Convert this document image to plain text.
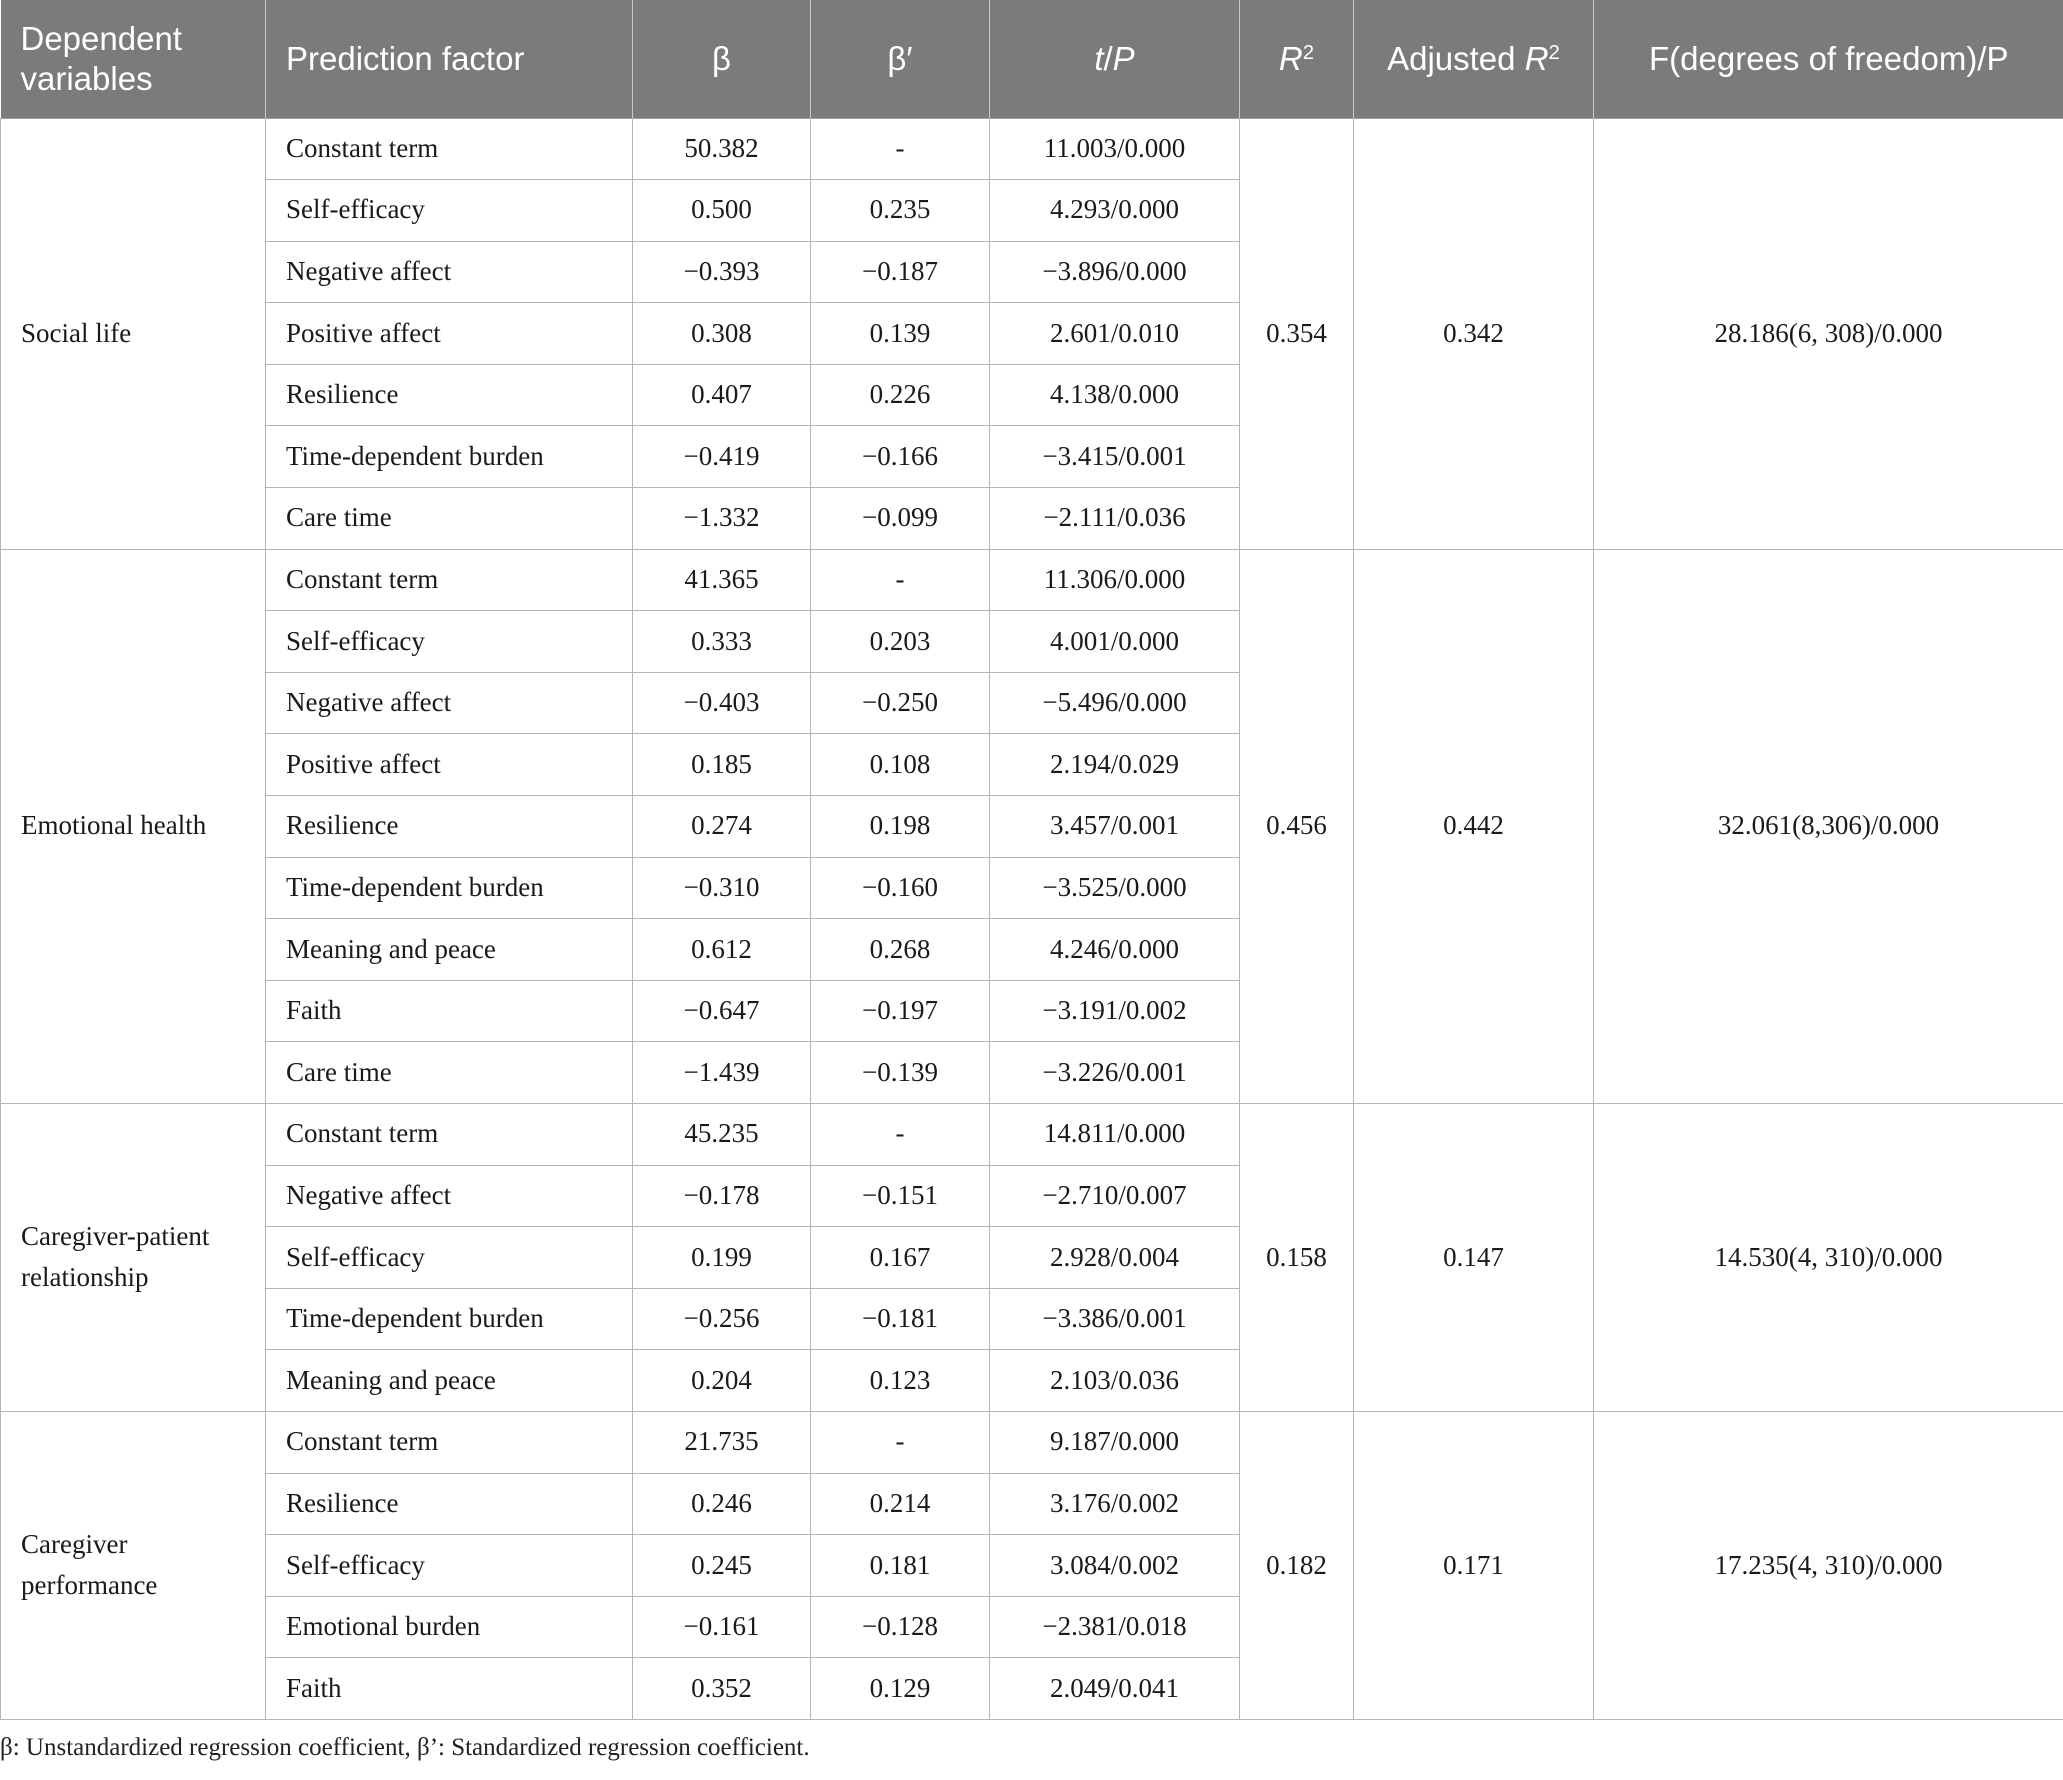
Dependent variables	Prediction factor	β	β′	t/P	$R^2$	Adjusted $R^2$	F(degrees of freedom)/P
Social life	Constant term	50.382	-	11.003/0.000	0.354	0.342	28.186(6, 308)/0.000
	Self-efficacy	0.500	0.235	4.293/0.000			
	Negative affect	−0.393	−0.187	−3.896/0.000			
	Positive affect	0.308	0.139	2.601/0.010			
	Resilience	0.407	0.226	4.138/0.000			
	Time-dependent burden	−0.419	−0.166	−3.415/0.001			
	Care time	−1.332	−0.099	−2.111/0.036			
Emotional health	Constant term	41.365	-	11.306/0.000	0.456	0.442	32.061(8,306)/0.000
	Self-efficacy	0.333	0.203	4.001/0.000			
	Negative affect	−0.403	−0.250	−5.496/0.000			
	Positive affect	0.185	0.108	2.194/0.029			
	Resilience	0.274	0.198	3.457/0.001			
	Time-dependent burden	−0.310	−0.160	−3.525/0.000			
	Meaning and peace	0.612	0.268	4.246/0.000			
	Faith	−0.647	−0.197	−3.191/0.002			
	Care time	−1.439	−0.139	−3.226/0.001			
Caregiver-patient relationship	Constant term	45.235	-	14.811/0.000	0.158	0.147	14.530(4, 310)/0.000
	Negative affect	−0.178	−0.151	−2.710/0.007			
	Self-efficacy	0.199	0.167	2.928/0.004			
	Time-dependent burden	−0.256	−0.181	−3.386/0.001			
	Meaning and peace	0.204	0.123	2.103/0.036			
Caregiver performance	Constant term	21.735	-	9.187/0.000	0.182	0.171	17.235(4, 310)/0.000
	Resilience	0.246	0.214	3.176/0.002			
	Self-efficacy	0.245	0.181	3.084/0.002			
	Emotional burden	−0.161	−0.128	−2.381/0.018			
	Faith	0.352	0.129	2.049/0.041			

β: Unstandardized regression coefficient, β’: Standardized regression coefficient.
